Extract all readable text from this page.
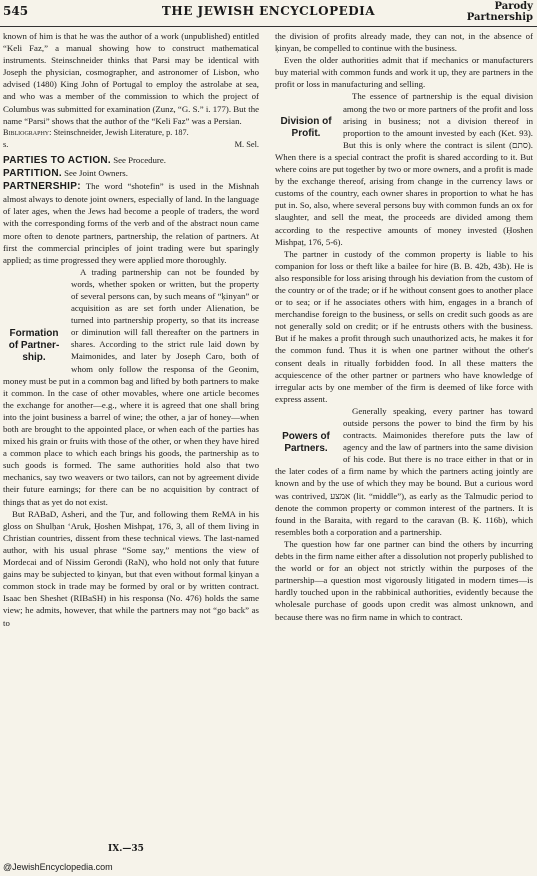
545	THE JEWISH ENCYCLOPEDIA	Parody
Partnership

known of him is that he was the author of a work (unpublished) entitled “Keli Faz,” a manual showing how to construct mathematical instruments. Steinschneider thinks that Parsi may be identical with Joseph the physician, cosmographer, and astronomer of Lisbon, who advised (1480) King John of Portugal to employ the astrolabe at sea, and who was a member of the commission to which the project of Columbus was submitted for examination (Zunz, “G. S.” i. 177). But the name “Parsi” shows that the author of the “Keli Faz” was a Persian.

Bibliography: Steinschneider, Jewish Literature, p. 187.

s.	M. Sel.

PARTIES TO ACTION. See Procedure.

PARTITION. See Joint Owners.

PARTNERSHIP: The word “shotefin” is used in the Mishnah almost always to denote joint owners, especially of land. In the language of later ages, when the Jews had become a people of traders, the word with the corresponding forms of the verb and of the abstract noun came more often to denote partners, partnership, the relation of partners. At first the commercial principles of joint trading were but sparingly applied; as time progressed they were applied more thoroughly.

Formation
of Partner-
ship.

A trading partnership can not be founded by words, whether spoken or written, but the property of several persons can, by such means of “ḳinyan” or acquisition as are set forth under Alienation, be turned into partnership property, so that its increase or diminution will fall thereafter on the partners in shares. According to the strict rule laid down by Maimonides, and later by Joseph Caro, both of whom only follow the responsa of the Geonim, money must be put in a common bag and lifted by both partners to make it common. In the case of other movables, where one article becomes the exchange for another—e.g., where it is agreed that one shall bring into the joint business a barrel of wine; the other, a jar of honey—when both are brought to the appointed place, or when each of the parties has mixed his grain or fruits with those of the other, or when they have hired a common place to which each brings his goods, the partnership as to such goods is formed. The same authorities hold also that two mechanics, say two weavers or two tailors, can not by agreement divide their future earnings; for there can be no acquisition by contract of things that as yet do not exist.

But RABaD, Asheri, and the Ṭur, and following them ReMA in his gloss on Shulḥan ‘Aruk, Ḥoshen Mishpaṭ, 176, 3, all of them living in Christian countries, dissent from these technical views. The last-named author, with his usual phrase “Some say,” mentions the view of Mordecai and of Nissim Gerondi (RaN), who hold not only that future gains may be subjected to ḳinyan, but that even without formal ḳinyan a common stock in trade may be formed by oral or by written contract. Isaac ben Sheshet (RIBaSH) in his responsa (No. 476) holds the same view; he admits, however, that while the partners may not “go back” as to

the division of profits already made, they can not, in the absence of ḳinyan, be compelled to continue with the business.

Even the older authorities admit that if mechanics or manufacturers buy material with common funds and work it up, they are partners in the profit or loss in manufacturing and selling.

Division of
Profit.

The essence of partnership is the equal division among the two or more partners of the profit and loss arising in business; not a division thereof in proportion to the amount invested by each (Ket. 93). But this is only where the contract is silent (סתם). When there is a special contract the profit is shared according to it. But where coins are put together by two or more owners, and a profit is made by the exchange thereof, arising from change in the currency laws or customs of the country, each owner shares in proportion to what he has put in. So, also, where several persons buy with common funds an ox for slaughter, and sell the meat, the proceeds are divided among them according to the respective amounts of money invested (Ḥoshen Mishpaṭ, 176, 5-6).

The partner in custody of the common property is liable to his companion for loss or theft like a bailee for hire (B. B. 42b, 43b). He is also responsible for loss arising through his deviation from the custom of the country or of the trade; or if he without consent goes to another place or to sea; or if he associates others with him, engages in a branch of merchandise foreign to the business, or sells on credit such goods as are not generally sold on credit; or if he entrusts others with the business. But if he makes a profit through such unauthorized acts, he makes it for the common fund. Thus it is when one partner without the other's consent deals in ritually forbidden food. In all these matters the acquiescence of the other partner or partners who have knowledge of irregular acts by one member of the firm is deemed of like force with express assent.

Powers of
Partners.

Generally speaking, every partner has toward outside persons the power to bind the firm by his contracts. Maimonides therefore puts the law of agency and the law of partners into the same division of his code. But there is no trace either in that or in the later codes of a firm name by which the partners acting jointly are known and by the use of which they may be bound. But a curious word was contrived, אמצע (lit. “middle”), as early as the Talmudic period to denote the common property or common interest of the partners. It is found in the Baraita, with regard to the caravan (B. Ḳ. 116b), which resembles both a corporation and a partnership.

The question how far one partner can bind the others by incurring debts in the firm name either after a dissolution not properly published to the world or for an object not strictly within the purposes of the partnership—a question most vigorously litigated in modern times—is hardly touched upon in the rabbinical authorities, evidently because the wholesale purchase of goods upon credit was almost unknown, and because there was no firm name in which to contract.

IX.—35
@JewishEncyclopedia.com
